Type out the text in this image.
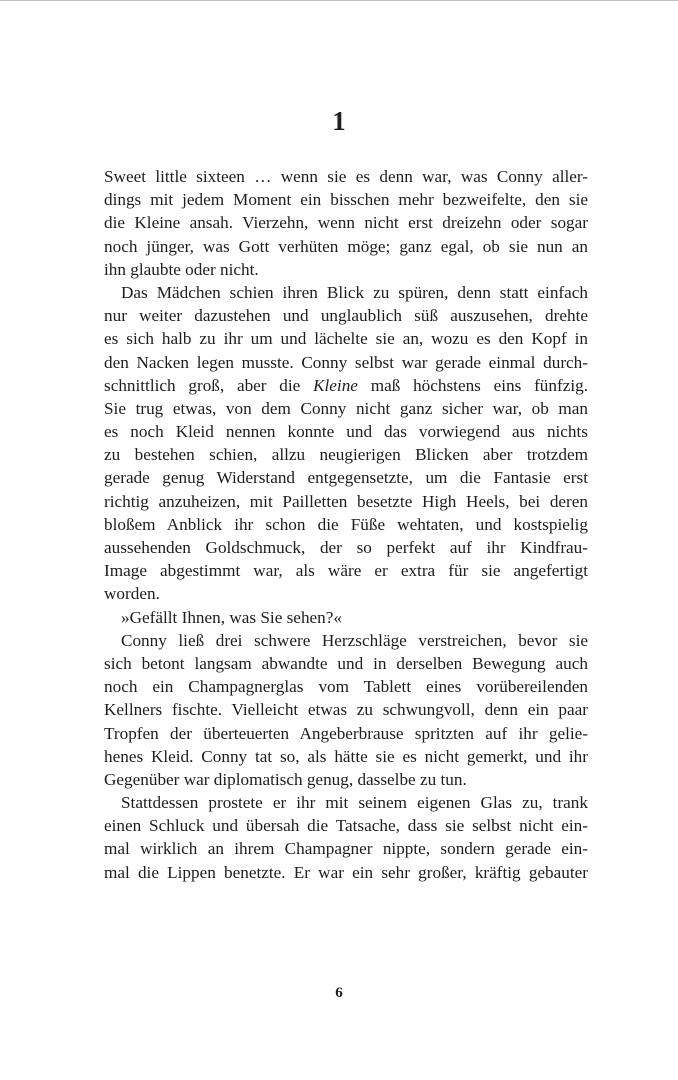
1
Sweet little sixteen … wenn sie es denn war, was Conny aller-
dings mit jedem Moment ein bisschen mehr bezweifelte, den sie
die Kleine ansah. Vierzehn, wenn nicht erst dreizehn oder sogar
noch jünger, was Gott verhüten möge; ganz egal, ob sie nun an
ihn glaubte oder nicht.
Das Mädchen schien ihren Blick zu spüren, denn statt einfach
nur weiter dazustehen und unglaublich süß auszusehen, drehte
es sich halb zu ihr um und lächelte sie an, wozu es den Kopf in
den Nacken legen musste. Conny selbst war gerade einmal durch-
schnittlich groß, aber die Kleine maß höchstens eins fünfzig.
Sie trug etwas, von dem Conny nicht ganz sicher war, ob man
es noch Kleid nennen konnte und das vorwiegend aus nichts
zu bestehen schien, allzu neugierigen Blicken aber trotzdem
gerade genug Widerstand entgegensetzte, um die Fantasie erst
richtig anzuheizen, mit Pailletten besetzte High Heels, bei deren
bloßem Anblick ihr schon die Füße wehtaten, und kostspielig
aussehenden Goldschmuck, der so perfekt auf ihr Kindfrau-
Image abgestimmt war, als wäre er extra für sie angefertigt
worden.
»Gefällt Ihnen, was Sie sehen?«
Conny ließ drei schwere Herzschläge verstreichen, bevor sie
sich betont langsam abwandte und in derselben Bewegung auch
noch ein Champagnerglas vom Tablett eines vorübereilenden
Kellners fischte. Vielleicht etwas zu schwungvoll, denn ein paar
Tropfen der überteuerten Angeberbrause spritzten auf ihr gelie-
henes Kleid. Conny tat so, als hätte sie es nicht gemerkt, und ihr
Gegenüber war diplomatisch genug, dasselbe zu tun.
Stattdessen prostete er ihr mit seinem eigenen Glas zu, trank
einen Schluck und übersah die Tatsache, dass sie selbst nicht ein-
mal wirklich an ihrem Champagner nippte, sondern gerade ein-
mal die Lippen benetzte. Er war ein sehr großer, kräftig gebauter
6
